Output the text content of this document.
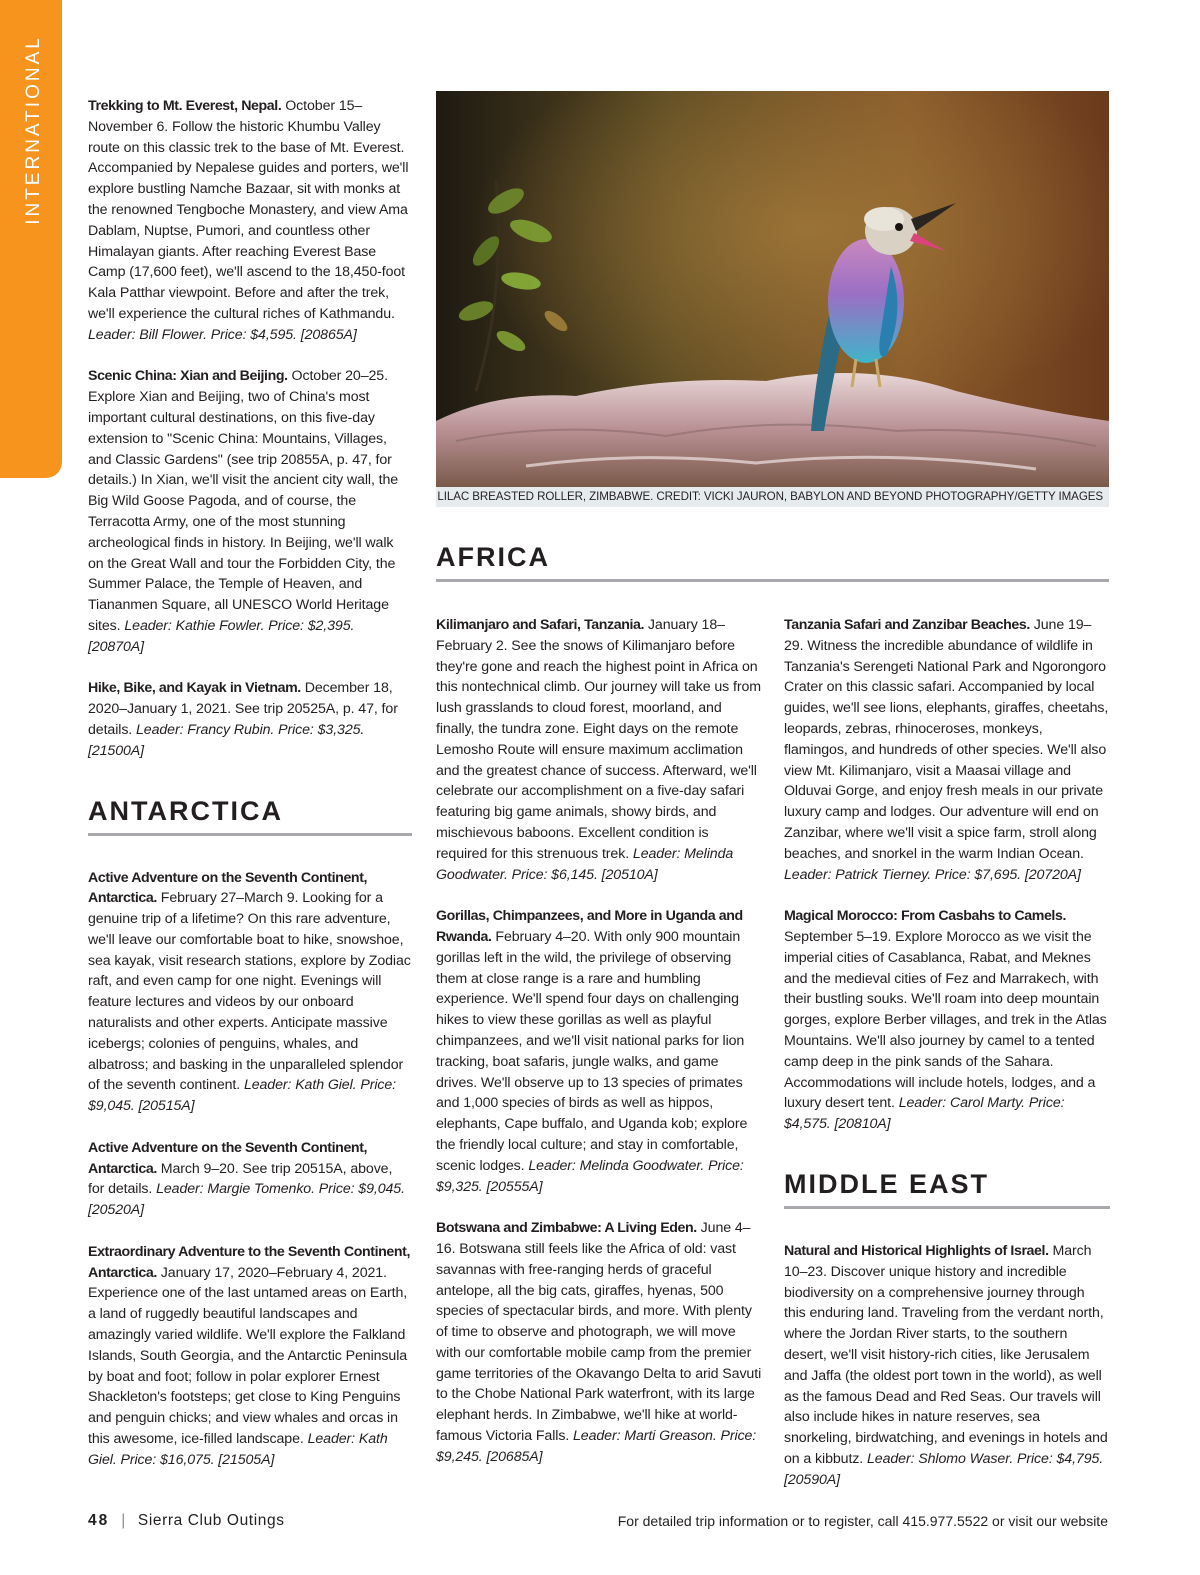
INTERNATIONAL	Trekking to Mt. Everest, Nepal. October 15–November 6. Follow the historic Khumbu Valley route on this classic trek to the base of Mt. Everest. Accompanied by Nepalese guides and porters, we'll explore bustling Namche Bazaar, sit with monks at the renowned Tengboche Monastery, and view Ama Dablam, Nuptse, Pumori, and countless other Himalayan giants. After reaching Everest Base Camp (17,600 feet), we'll ascend to the 18,450-foot Kala Patthar viewpoint. Before and after the trek, we'll experience the cultural riches of Kathmandu. Leader: Bill Flower. Price: $4,595. [20865A]

Scenic China: Xian and Beijing. October 20–25. Explore Xian and Beijing, two of China's most important cultural destinations, on this five-day extension to "Scenic China: Mountains, Villages, and Classic Gardens" (see trip 20855A, p. 47, for details.) In Xian, we'll visit the ancient city wall, the Big Wild Goose Pagoda, and of course, the Terracotta Army, one of the most stunning archeological finds in history. In Beijing, we'll walk on the Great Wall and tour the Forbidden City, the Summer Palace, the Temple of Heaven, and Tiananmen Square, all UNESCO World Heritage sites. Leader: Kathie Fowler. Price: $2,395. [20870A]

Hike, Bike, and Kayak in Vietnam. December 18, 2020–January 1, 2021. See trip 20525A, p. 47, for details. Leader: Francy Rubin. Price: $3,325. [21500A]

ANTARCTICA

Active Adventure on the Seventh Continent, Antarctica. February 27–March 9. Looking for a genuine trip of a lifetime? On this rare adventure, we'll leave our comfortable boat to hike, snowshoe, sea kayak, visit research stations, explore by Zodiac raft, and even camp for one night. Evenings will feature lectures and videos by our onboard naturalists and other experts. Anticipate massive icebergs; colonies of penguins, whales, and albatross; and basking in the unparalleled splendor of the seventh continent. Leader: Kath Giel. Price: $9,045. [20515A]

Active Adventure on the Seventh Continent, Antarctica. March 9–20. See trip 20515A, above, for details. Leader: Margie Tomenko. Price: $9,045. [20520A]

Extraordinary Adventure to the Seventh Continent, Antarctica. January 17, 2020–February 4, 2021. Experience one of the last untamed areas on Earth, a land of ruggedly beautiful landscapes and amazingly varied wildlife. We'll explore the Falkland Islands, South Georgia, and the Antarctic Peninsula by boat and foot; follow in polar explorer Ernest Shackleton's footsteps; get close to King Penguins and penguin chicks; and view whales and orcas in this awesome, ice-filled landscape. Leader: Kath Giel. Price: $16,075. [21505A]

LILAC BREASTED ROLLER, ZIMBABWE. CREDIT: VICKI JAURON, BABYLON AND BEYOND PHOTOGRAPHY/GETTY IMAGES
AFRICA

Kilimanjaro and Safari, Tanzania. January 18–February 2. See the snows of Kilimanjaro before they're gone and reach the highest point in Africa on this nontechnical climb. Our journey will take us from lush grasslands to cloud forest, moorland, and finally, the tundra zone. Eight days on the remote Lemosho Route will ensure maximum acclimation and the greatest chance of success. Afterward, we'll celebrate our accomplishment on a five-day safari featuring big game animals, showy birds, and mischievous baboons. Excellent condition is required for this strenuous trek. Leader: Melinda Goodwater. Price: $6,145. [20510A]

Gorillas, Chimpanzees, and More in Uganda and Rwanda. February 4–20. With only 900 mountain gorillas left in the wild, the privilege of observing them at close range is a rare and humbling experience. We'll spend four days on challenging hikes to view these gorillas as well as playful chimpanzees, and we'll visit national parks for lion tracking, boat safaris, jungle walks, and game drives. We'll observe up to 13 species of primates and 1,000 species of birds as well as hippos, elephants, Cape buffalo, and Uganda kob; explore the friendly local culture; and stay in comfortable, scenic lodges. Leader: Melinda Goodwater. Price: $9,325. [20555A]

Botswana and Zimbabwe: A Living Eden. June 4–16. Botswana still feels like the Africa of old: vast savannas with free-ranging herds of graceful antelope, all the big cats, giraffes, hyenas, 500 species of spectacular birds, and more. With plenty of time to observe and photograph, we will move with our comfortable mobile camp from the premier game territories of the Okavango Delta to arid Savuti to the Chobe National Park waterfront, with its large elephant herds. In Zimbabwe, we'll hike at world-famous Victoria Falls. Leader: Marti Greason. Price: $9,245. [20685A]

Tanzania Safari and Zanzibar Beaches. June 19–29. Witness the incredible abundance of wildlife in Tanzania's Serengeti National Park and Ngorongoro Crater on this classic safari. Accompanied by local guides, we'll see lions, elephants, giraffes, cheetahs, leopards, zebras, rhinoceroses, monkeys, flamingos, and hundreds of other species. We'll also view Mt. Kilimanjaro, visit a Maasai village and Olduvai Gorge, and enjoy fresh meals in our private luxury camp and lodges. Our adventure will end on Zanzibar, where we'll visit a spice farm, stroll along beaches, and snorkel in the warm Indian Ocean. Leader: Patrick Tierney. Price: $7,695. [20720A]

Magical Morocco: From Casbahs to Camels. September 5–19. Explore Morocco as we visit the imperial cities of Casablanca, Rabat, and Meknes and the medieval cities of Fez and Marrakech, with their bustling souks. We'll roam into deep mountain gorges, explore Berber villages, and trek in the Atlas Mountains. We'll also journey by camel to a tented camp deep in the pink sands of the Sahara. Accommodations will include hotels, lodges, and a luxury desert tent. Leader: Carol Marty. Price: $4,575. [20810A]

MIDDLE EAST

Natural and Historical Highlights of Israel. March 10–23. Discover unique history and incredible biodiversity on a comprehensive journey through this enduring land. Traveling from the verdant north, where the Jordan River starts, to the southern desert, we'll visit history-rich cities, like Jerusalem and Jaffa (the oldest port town in the world), as well as the famous Dead and Red Seas. Our travels will also include hikes in nature reserves, sea snorkeling, birdwatching, and evenings in hotels and on a kibbutz. Leader: Shlomo Waser. Price: $4,795. [20590A]

48 | Sierra Club Outings	For detailed trip information or to register, call 415.977.5522 or visit our website
